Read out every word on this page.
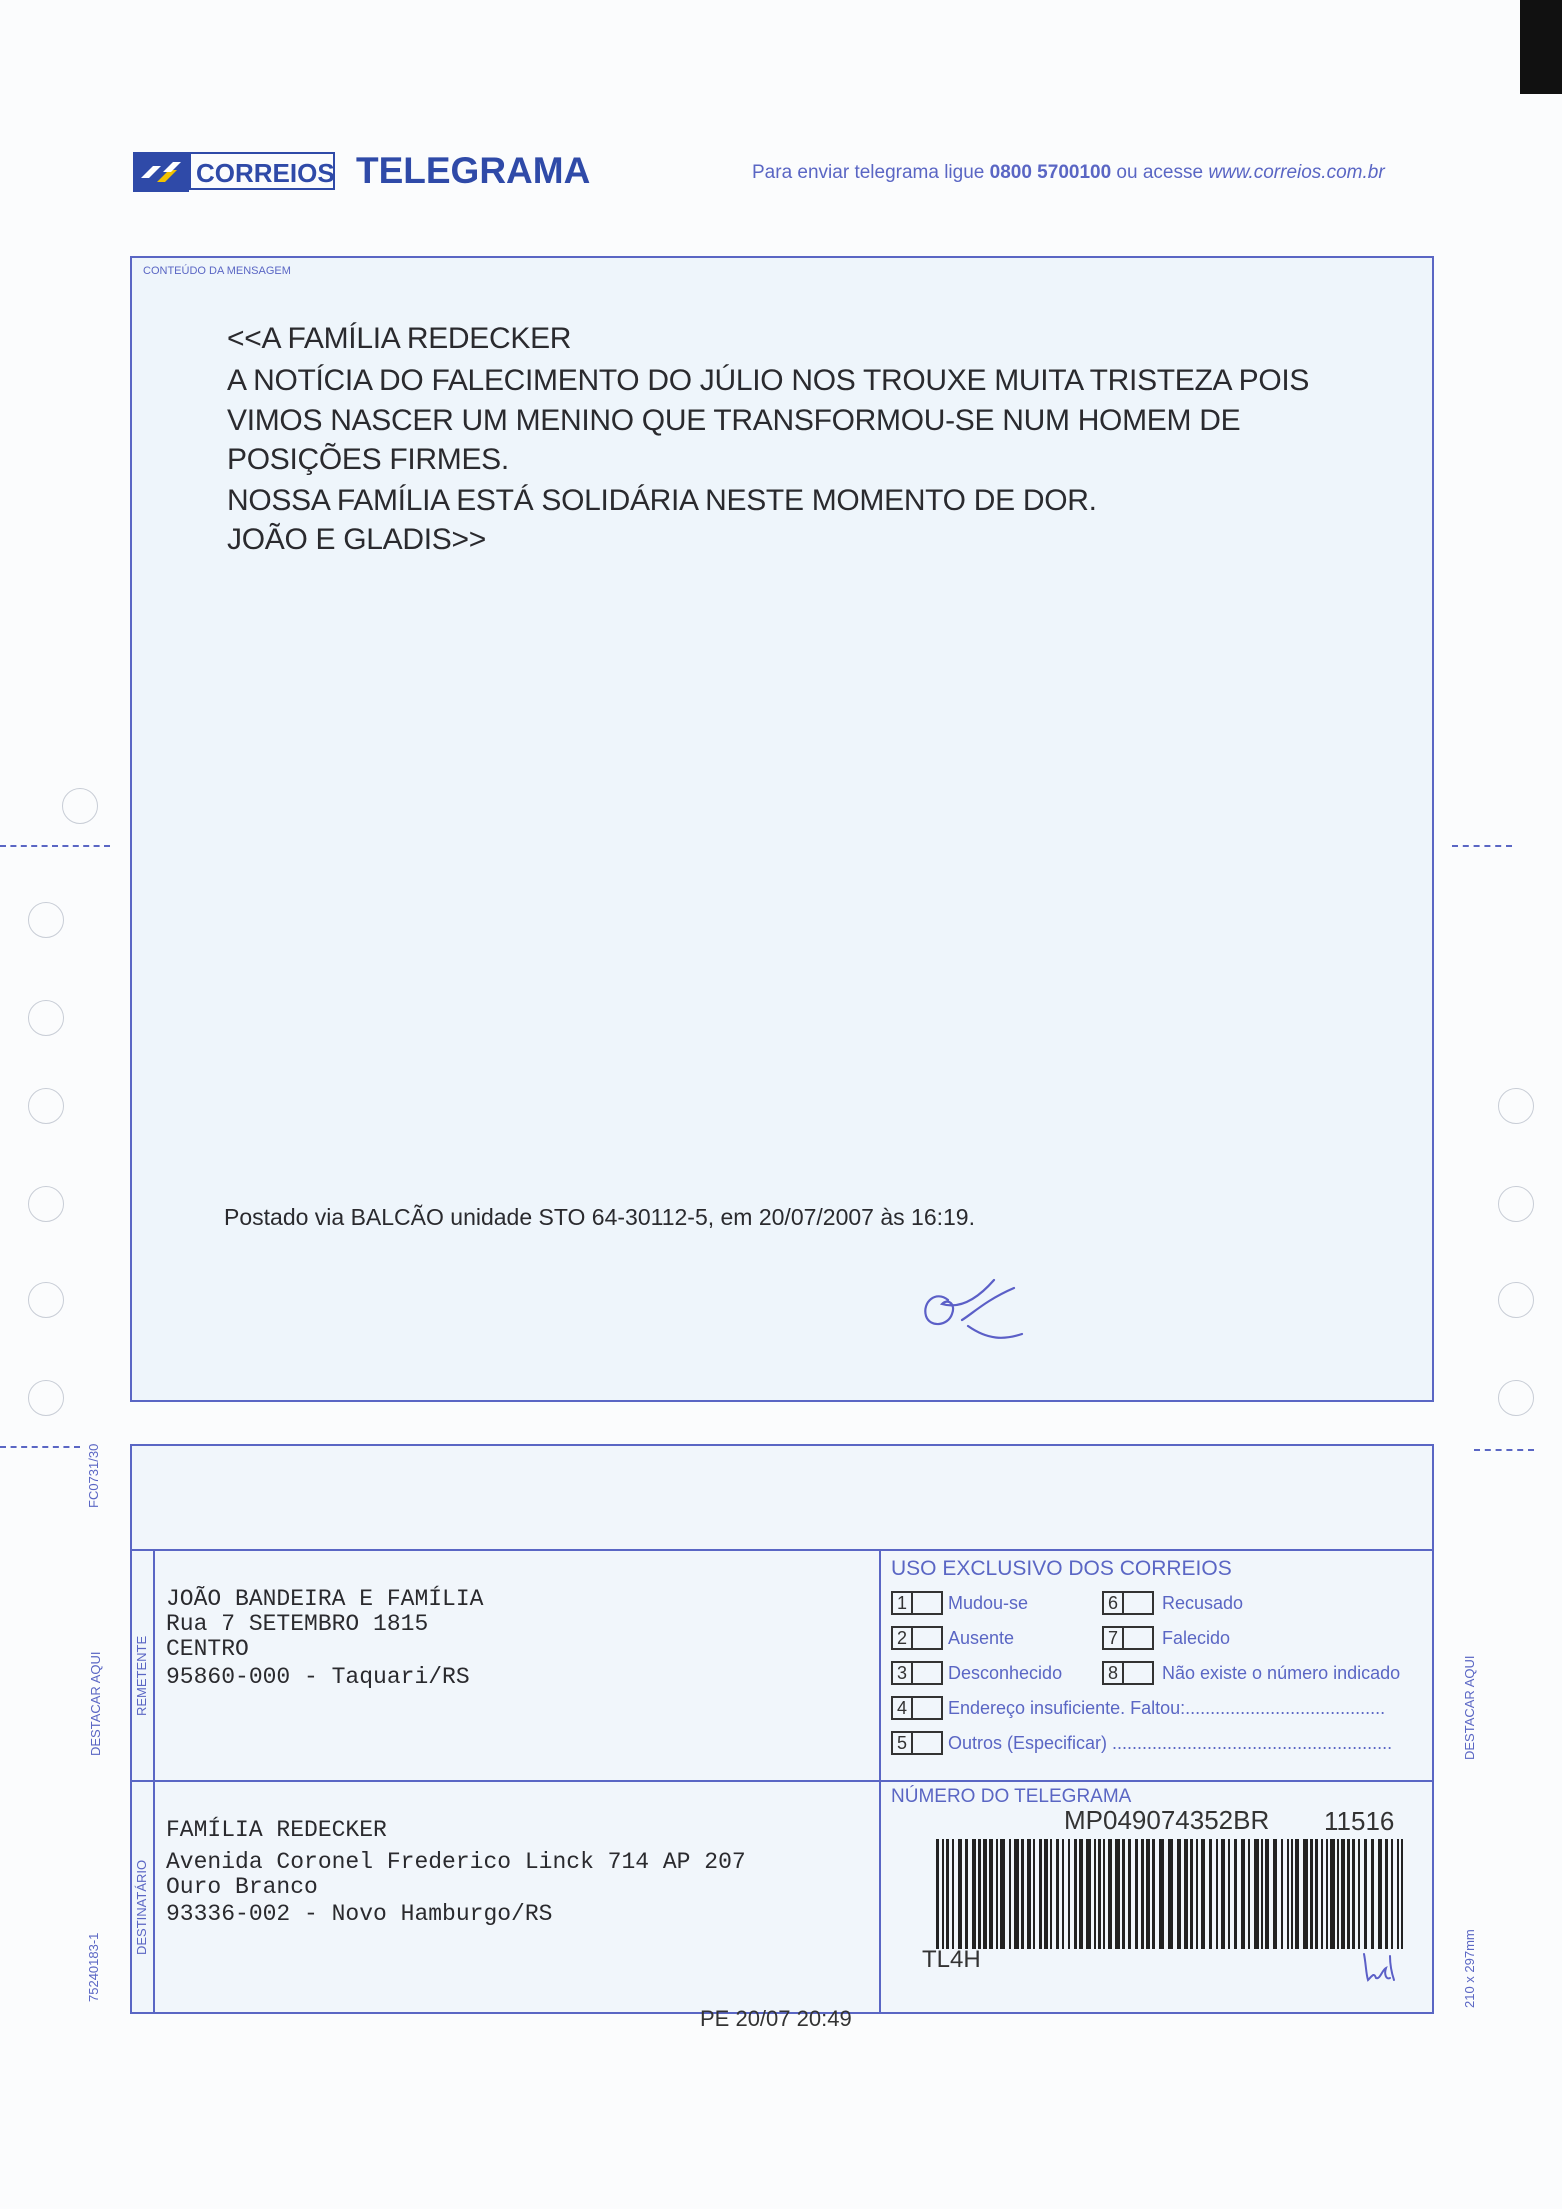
CORREIOS TELEGRAMA	Para enviar telegrama ligue 0800 5700100 ou acesse www.correios.com.br
CONTEÚDO DA MENSAGEM
<<A FAMÍLIA REDECKER
A NOTÍCIA DO FALECIMENTO DO JÚLIO NOS TROUXE MUITA TRISTEZA POIS
VIMOS NASCER UM MENINO QUE TRANSFORMOU-SE NUM HOMEM DE
POSIÇÕES FIRMES.
NOSSA FAMÍLIA ESTÁ SOLIDÁRIA NESTE MOMENTO DE DOR.
JOÃO E GLADIS>>
Postado via BALCÃO unidade STO 64-30112-5, em 20/07/2007 às 16:19.
REMETENTE
DESTINATÁRIO
JOÃO BANDEIRA E FAMÍLIA
Rua 7 SETEMBRO 1815
CENTRO
95860-000 - Taquari/RS
FAMÍLIA REDECKER
Avenida Coronel Frederico Linck 714 AP 207
Ouro Branco
93336-002 - Novo Hamburgo/RS
USO EXCLUSIVO DOS CORREIOS
1	Mudou-se
2	Ausente
3	Desconhecido
4	Endereço insuficiente. Faltou:........................................
5	Outros (Especificar) ........................................................
6	Recusado
7	Falecido
8	Não existe o número indicado
NÚMERO DO TELEGRAMA
MP049074352BR 11516
TL4H
PE 20/07 20:49
FC0731/30
DESTACAR AQUI	DESTACAR AQUI
75240183-1	210 x 297mm
